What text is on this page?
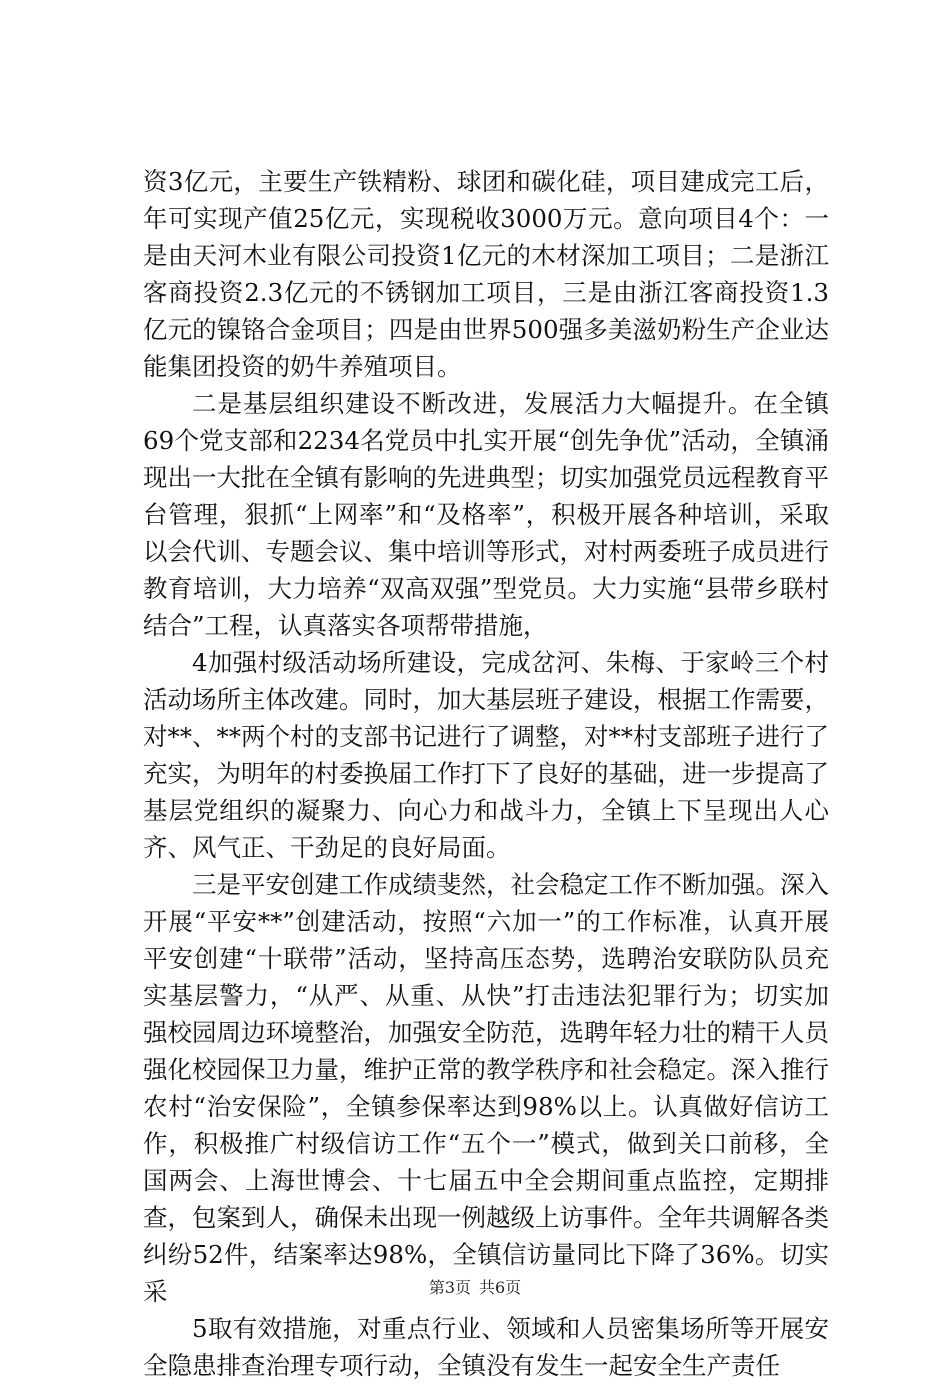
资3亿元，主要生产铁精粉、球团和碳化硅，项目建成完工后，年可实现产值25亿元，实现税收3000万元。意向项目4个：一是由天河木业有限公司投资1亿元的木材深加工项目；二是浙江客商投资2.3亿元的不锈钢加工项目，三是由浙江客商投资1.3亿元的镍铬合金项目；四是由世界500强多美滋奶粉生产企业达能集团投资的奶牛养殖项目。

二是基层组织建设不断改进，发展活力大幅提升。在全镇69个党支部和2234名党员中扎实开展“创先争优”活动，全镇涌现出一大批在全镇有影响的先进典型；切实加强党员远程教育平台管理，狠抓“上网率”和“及格率”，积极开展各种培训，采取以会代训、专题会议、集中培训等形式，对村两委班子成员进行教育培训，大力培养“双高双强”型党员。大力实施“县带乡联村结合”工程，认真落实各项帮带措施，

4加强村级活动场所建设，完成岔河、朱梅、于家岭三个村活动场所主体改建。同时，加大基层班子建设，根据工作需要，对**、**两个村的支部书记进行了调整，对**村支部班子进行了充实，为明年的村委换届工作打下了良好的基础，进一步提高了基层党组织的凝聚力、向心力和战斗力，全镇上下呈现出人心齐、风气正、干劲足的良好局面。

三是平安创建工作成绩斐然，社会稳定工作不断加强。深入开展“平安**”创建活动，按照“六加一”的工作标准，认真开展平安创建“十联带”活动，坚持高压态势，选聘治安联防队员充实基层警力，“从严、从重、从快”打击违法犯罪行为；切实加强校园周边环境整治，加强安全防范，选聘年轻力壮的精干人员强化校园保卫力量，维护正常的教学秩序和社会稳定。深入推行农村“治安保险”，全镇参保率达到98%以上。认真做好信访工作，积极推广村级信访工作“五个一”模式，做到关口前移，全国两会、上海世博会、十七届五中全会期间重点监控，定期排查，包案到人，确保未出现一例越级上访事件。全年共调解各类纠纷52件，结案率达98%，全镇信访量同比下降了36%。切实采

5取有效措施，对重点行业、领域和人员密集场所等开展安全隐患排查治理专项行动，全镇没有发生一起安全生产责任

第3页 共6页
